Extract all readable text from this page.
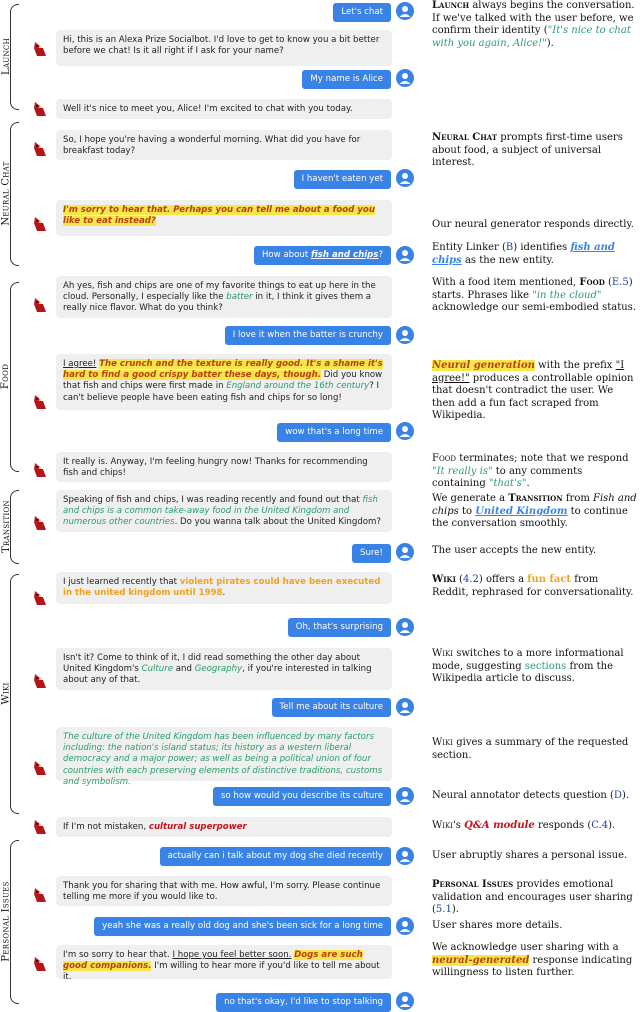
Launch
Neural Chat
Food
Transition
Wiki
Personal Issues
Let's chat
Hi, this is an Alexa Prize Socialbot. I'd love to get to know you a bit better before we chat! Is it all right if I ask for your name?
My name is Alice
Well it's nice to meet you, Alice! I'm excited to chat with you today.
So, I hope you're having a wonderful morning. What did you have for breakfast today?
I haven't eaten yet
I'm sorry to hear that. Perhaps you can tell me about a food you like to eat instead?
How about fish and chips?
Ah yes, fish and chips are one of my favorite things to eat up here in the cloud. Personally, I especially like the batter in it, I think it gives them a really nice flavor. What do you think?
I love it when the batter is crunchy
I agree! The crunch and the texture is really good. It's a shame it's hard to find a good crispy batter these days, though. Did you know that fish and chips were first made in England around the 16th century? I can't believe people have been eating fish and chips for so long!
wow that's a long time
It really is. Anyway, I'm feeling hungry now! Thanks for recommending fish and chips!
Speaking of fish and chips, I was reading recently and found out that fish and chips is a common take-away food in the United Kingdom and numerous other countries. Do you wanna talk about the United Kingdom?
Sure!
I just learned recently that violent pirates could have been executed in the united kingdom until 1998.
Oh, that's surprising
Isn't it? Come to think of it, I did read something the other day about United Kingdom's Culture and Geography, if you're interested in talking about any of that.
Tell me about its culture
The culture of the United Kingdom has been influenced by many factors including: the nation's island status; its history as a western liberal democracy and a major power; as well as being a political union of four countries with each preserving elements of distinctive traditions, customs and symbolism.
so how would you describe its culture
If I'm not mistaken, cultural superpower
actually can i talk about my dog she died recently
Thank you for sharing that with me. How awful, I'm sorry. Please continue telling me more if you would like to.
yeah she was a really old dog and she's been sick for a long time
I'm so sorry to hear that. I hope you feel better soon. Dogs are such good companions. I'm willing to hear more if you'd like to tell me about it.
no that's okay, I'd like to stop talking
Launch always begins the conversation. If we've talked with the user before, we confirm their identity ("It's nice to chat with you again, Alice!").
Neural Chat prompts first-time users about food, a subject of universal interest.
Our neural generator responds directly.
Entity Linker (B) identifies fish and chips as the new entity.
With a food item mentioned, Food (E.5) starts. Phrases like "in the cloud" acknowledge our semi-embodied status.
Neural generation with the prefix "I agree!" produces a controllable opinion that doesn't contradict the user. We then add a fun fact scraped from Wikipedia.
Food terminates; note that we respond "It really is" to any comments containing "that's".
We generate a Transition from Fish and chips to United Kingdom to continue the conversation smoothly.
The user accepts the new entity.
Wiki (4.2) offers a fun fact from Reddit, rephrased for conversationality.
Wiki switches to a more informational mode, suggesting sections from the Wikipedia article to discuss.
Wiki gives a summary of the requested section.
Neural annotator detects question (D).
Wiki's Q&A module responds (C.4).
User abruptly shares a personal issue.
Personal Issues provides emotional validation and encourages user sharing (5.1).
User shares more details.
We acknowledge user sharing with a neural-generated response indicating willingness to listen further.
